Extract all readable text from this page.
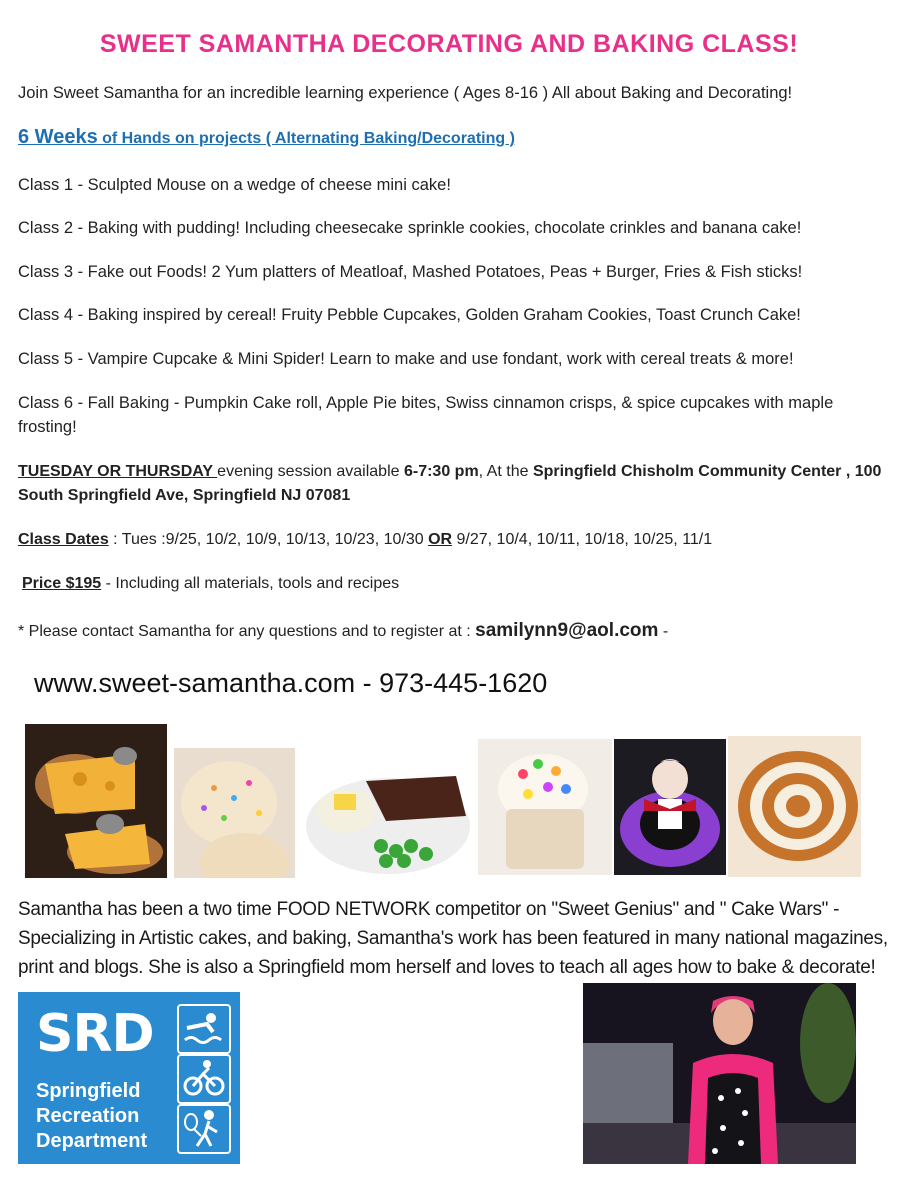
SWEET SAMANTHA DECORATING AND BAKING CLASS!
Join Sweet Samantha for an incredible learning experience ( Ages 8-16 ) All about Baking and Decorating!
6 Weeks of Hands on projects ( Alternating Baking/Decorating )
Class 1 - Sculpted Mouse on a wedge of cheese mini cake!
Class 2 - Baking with pudding! Including cheesecake sprinkle cookies, chocolate crinkles and banana cake!
Class 3 - Fake out Foods! 2 Yum platters of Meatloaf, Mashed Potatoes, Peas + Burger, Fries & Fish sticks!
Class 4 - Baking inspired by cereal! Fruity Pebble Cupcakes, Golden Graham Cookies, Toast Crunch Cake!
Class 5 - Vampire Cupcake & Mini Spider! Learn to make and use fondant, work with cereal treats & more!
Class 6 - Fall Baking - Pumpkin Cake roll, Apple Pie bites, Swiss cinnamon crisps, & spice cupcakes with maple frosting!
TUESDAY OR THURSDAY evening session available 6-7:30 pm, At the Springfield Chisholm Community Center , 100 South Springfield Ave, Springfield NJ 07081
Class Dates : Tues :9/25, 10/2, 10/9, 10/13, 10/23, 10/30 OR 9/27, 10/4, 10/11, 10/18, 10/25, 11/1
Price $195 - Including all materials, tools and recipes
* Please contact Samantha for any questions and to register at : samilynn9@aol.com -
www.sweet-samantha.com - 973-445-1620
Samantha has been a two time FOOD NETWORK competitor on "Sweet Genius" and " Cake Wars" - Specializing in Artistic cakes, and baking, Samantha's work has been featured in many national magazines, print and blogs. She is also a Springfield mom herself and loves to teach all ages how to bake & decorate!
SRD
Springfield
Recreation
Department
